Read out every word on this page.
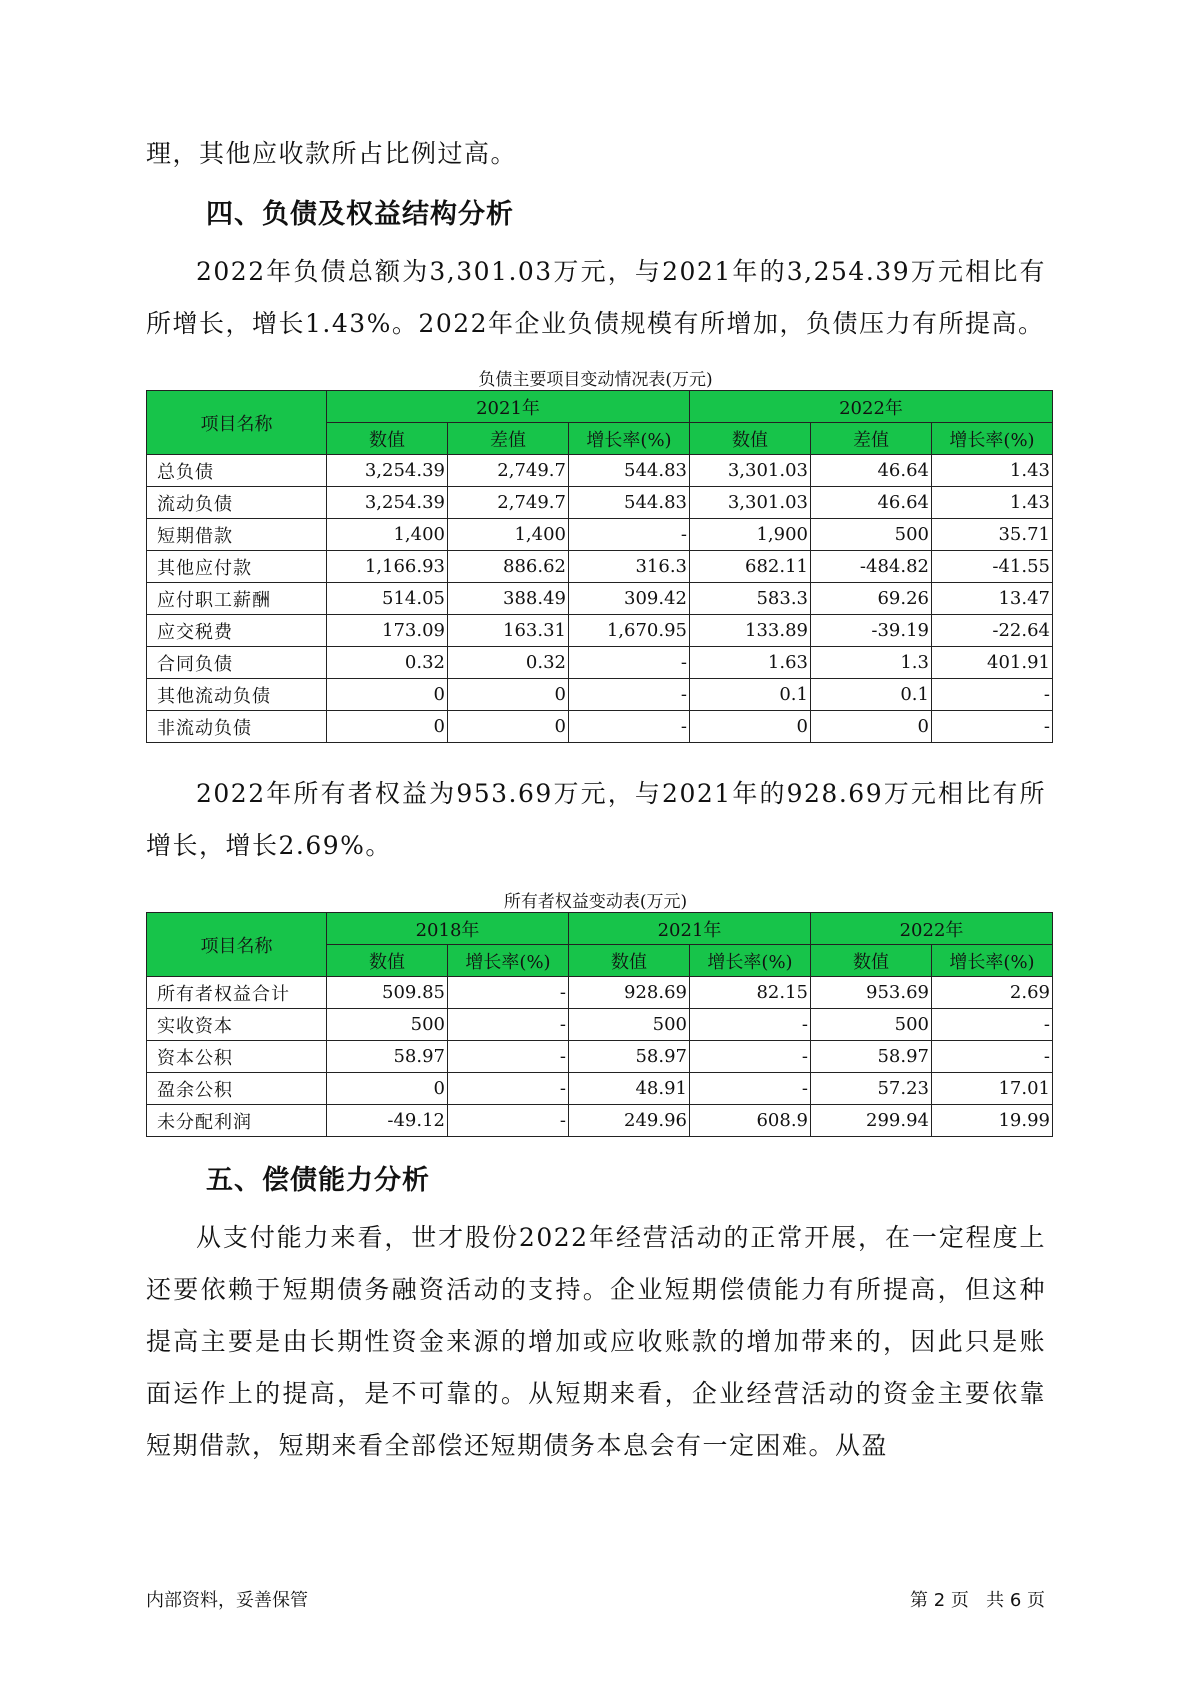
理，其他应收款所占比例过高。

四、负债及权益结构分析

2022年负债总额为3,301.03万元，与2021年的3,254.39万元相比有所增长，增长1.43%。2022年企业负债规模有所增加，负债压力有所提高。

负债主要项目变动情况表(万元)

项目名称	2021年			2022年		
	数值	差值	增长率(%)	数值	差值	增长率(%)
总负债	3,254.39	2,749.7	544.83	3,301.03	46.64	1.43
流动负债	3,254.39	2,749.7	544.83	3,301.03	46.64	1.43
短期借款	1,400	1,400	-	1,900	500	35.71
其他应付款	1,166.93	886.62	316.3	682.11	-484.82	-41.55
应付职工薪酬	514.05	388.49	309.42	583.3	69.26	13.47
应交税费	173.09	163.31	1,670.95	133.89	-39.19	-22.64
合同负债	0.32	0.32	-	1.63	1.3	401.91
其他流动负债	0	0	-	0.1	0.1	-
非流动负债	0	0	-	0	0	-

2022年所有者权益为953.69万元，与2021年的928.69万元相比有所增长，增长2.69%。

所有者权益变动表(万元)

项目名称	2018年		2021年		2022年	
	数值	增长率(%)	数值	增长率(%)	数值	增长率(%)
所有者权益合计	509.85	-	928.69	82.15	953.69	2.69
实收资本	500	-	500	-	500	-
资本公积	58.97	-	58.97	-	58.97	-
盈余公积	0	-	48.91	-	57.23	17.01
未分配利润	-49.12	-	249.96	608.9	299.94	19.99
五、偿债能力分析

从支付能力来看，世才股份2022年经营活动的正常开展，在一定程度上还要依赖于短期债务融资活动的支持。企业短期偿债能力有所提高，但这种提高主要是由长期性资金来源的增加或应收账款的增加带来的，因此只是账面运作上的提高，是不可靠的。从短期来看，企业经营活动的资金主要依靠短期借款，短期来看全部偿还短期债务本息会有一定困难。从盈

内部资料，妥善保管	第 2 页   共 6 页
